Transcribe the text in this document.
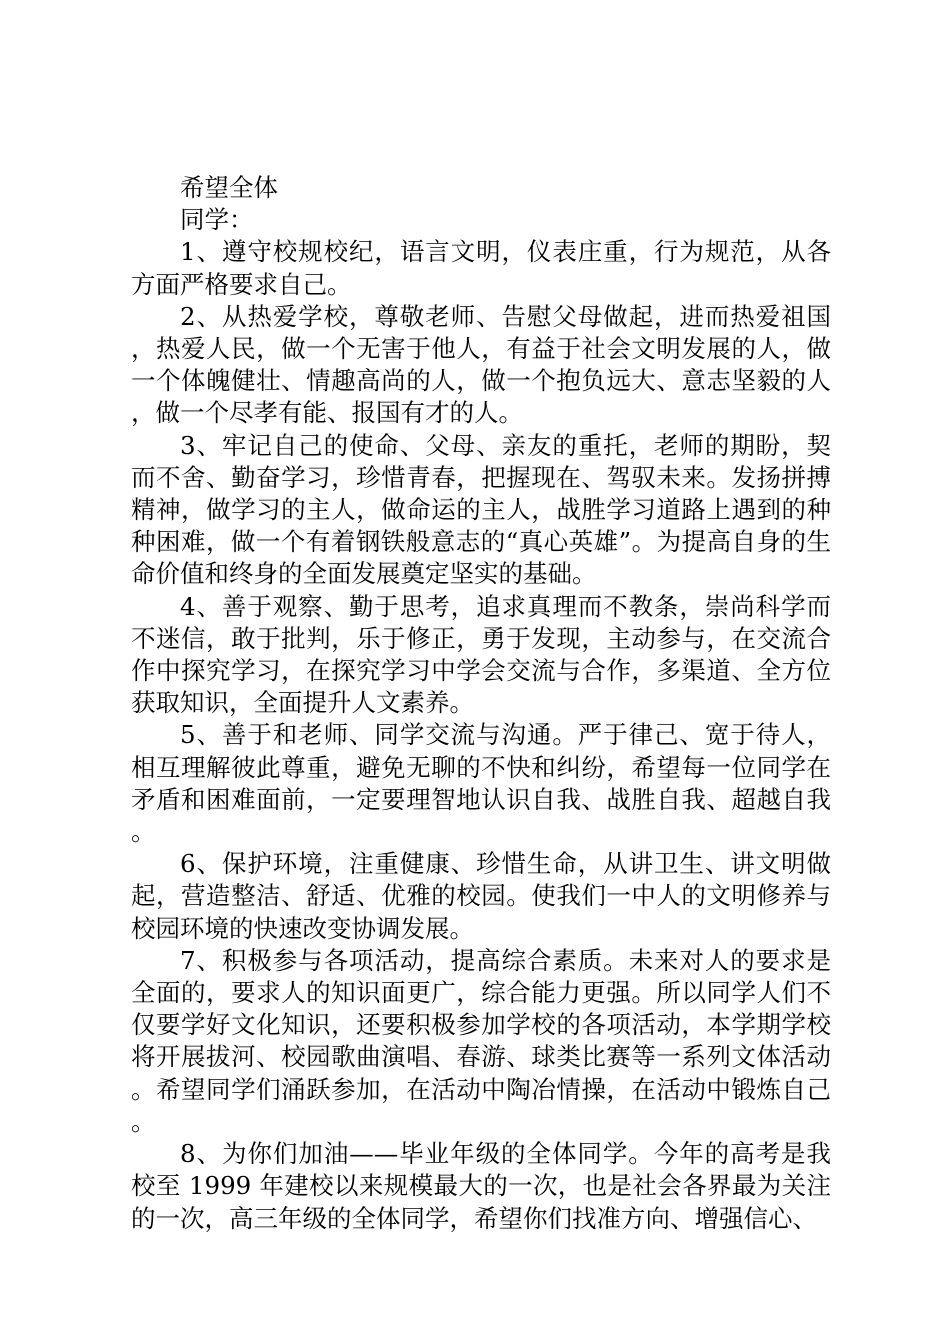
希望全体

同学：

1、遵守校规校纪，语言文明，仪表庄重，行为规范，从各方面严格要求自己。

2、从热爱学校，尊敬老师、告慰父母做起，进而热爱祖国，热爱人民，做一个无害于他人，有益于社会文明发展的人，做一个体魄健壮、情趣高尚的人，做一个抱负远大、意志坚毅的人，做一个尽孝有能、报国有才的人。

3、牢记自己的使命、父母、亲友的重托，老师的期盼，契而不舍、勤奋学习，珍惜青春，把握现在、驾驭未来。发扬拼搏精神，做学习的主人，做命运的主人，战胜学习道路上遇到的种种困难，做一个有着钢铁般意志的“真心英雄”。为提高自身的生命价值和终身的全面发展奠定坚实的基础。

4、善于观察、勤于思考，追求真理而不教条，崇尚科学而不迷信，敢于批判，乐于修正，勇于发现，主动参与，在交流合作中探究学习，在探究学习中学会交流与合作，多渠道、全方位获取知识，全面提升人文素养。

5、善于和老师、同学交流与沟通。严于律己、宽于待人，相互理解彼此尊重，避免无聊的不快和纠纷，希望每一位同学在矛盾和困难面前，一定要理智地认识自我、战胜自我、超越自我。

6、保护环境，注重健康、珍惜生命，从讲卫生、讲文明做起，营造整洁、舒适、优雅的校园。使我们一中人的文明修养与校园环境的快速改变协调发展。

7、积极参与各项活动，提高综合素质。未来对人的要求是全面的，要求人的知识面更广，综合能力更强。所以同学人们不仅要学好文化知识，还要积极参加学校的各项活动，本学期学校将开展拔河、校园歌曲演唱、春游、球类比赛等一系列文体活动。希望同学们涌跃参加，在活动中陶冶情操，在活动中锻炼自己。

8、为你们加油——毕业年级的全体同学。今年的高考是我校至 1999 年建校以来规模最大的一次，也是社会各界最为关注的一次，高三年级的全体同学，希望你们找准方向、增强信心、
